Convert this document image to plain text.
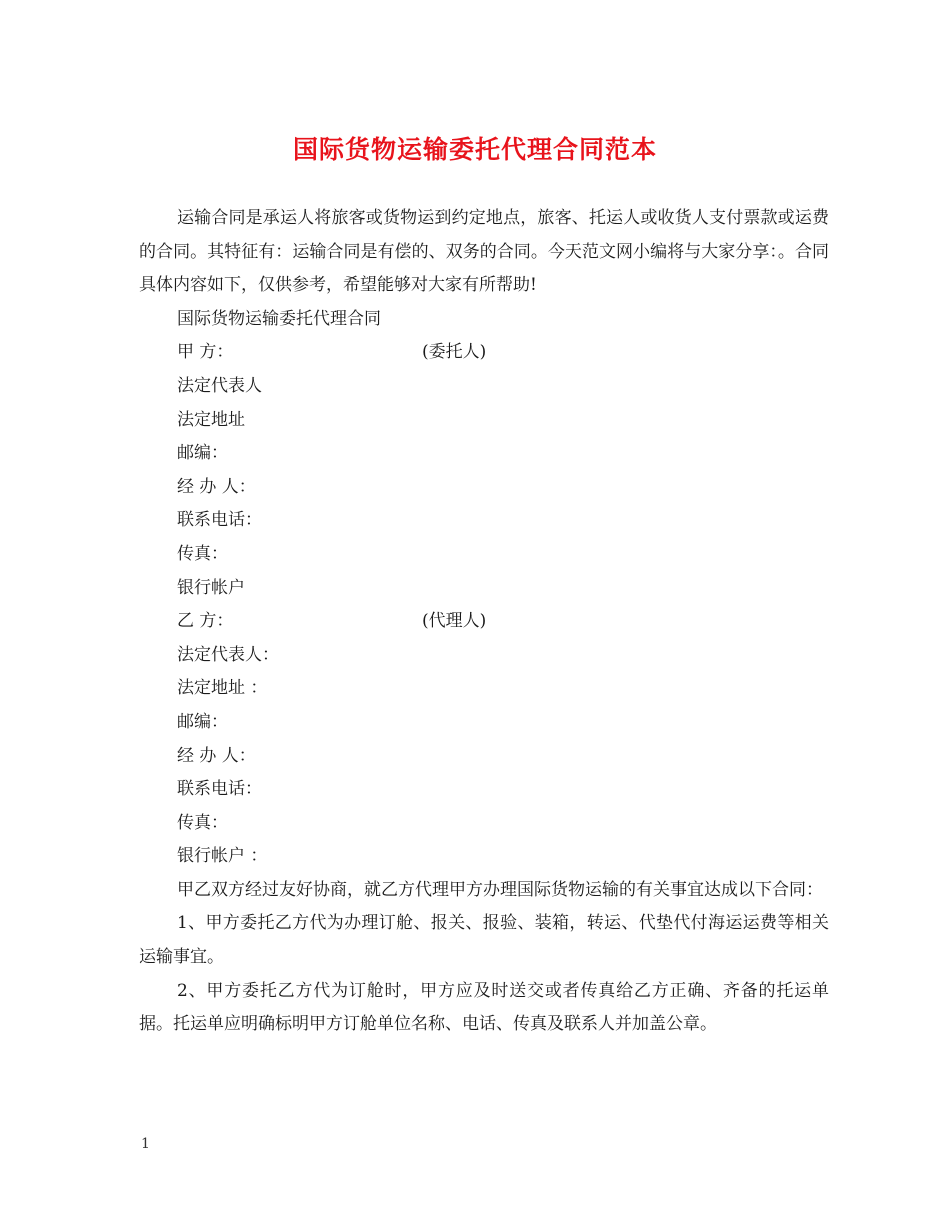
国际货物运输委托代理合同范本

运输合同是承运人将旅客或货物运到约定地点，旅客、托运人或收货人支付票款或运费的合同。其特征有：运输合同是有偿的、双务的合同。今天范文网小编将与大家分享：。合同具体内容如下，仅供参考，希望能够对大家有所帮助!

国际货物运输委托代理合同

甲 方：	(委托人)

法定代表人

法定地址

邮编：

经 办 人：

联系电话：

传真：

银行帐户

乙 方：	(代理人)

法定代表人：

法定地址 ：

邮编：

经 办 人：

联系电话：

传真：

银行帐户 ：

甲乙双方经过友好协商，就乙方代理甲方办理国际货物运输的有关事宜达成以下合同：

1、甲方委托乙方代为办理订舱、报关、报验、装箱，转运、代垫代付海运运费等相关运输事宜。

2、甲方委托乙方代为订舱时，甲方应及时送交或者传真给乙方正确、齐备的托运单据。托运单应明确标明甲方订舱单位名称、电话、传真及联系人并加盖公章。

1
